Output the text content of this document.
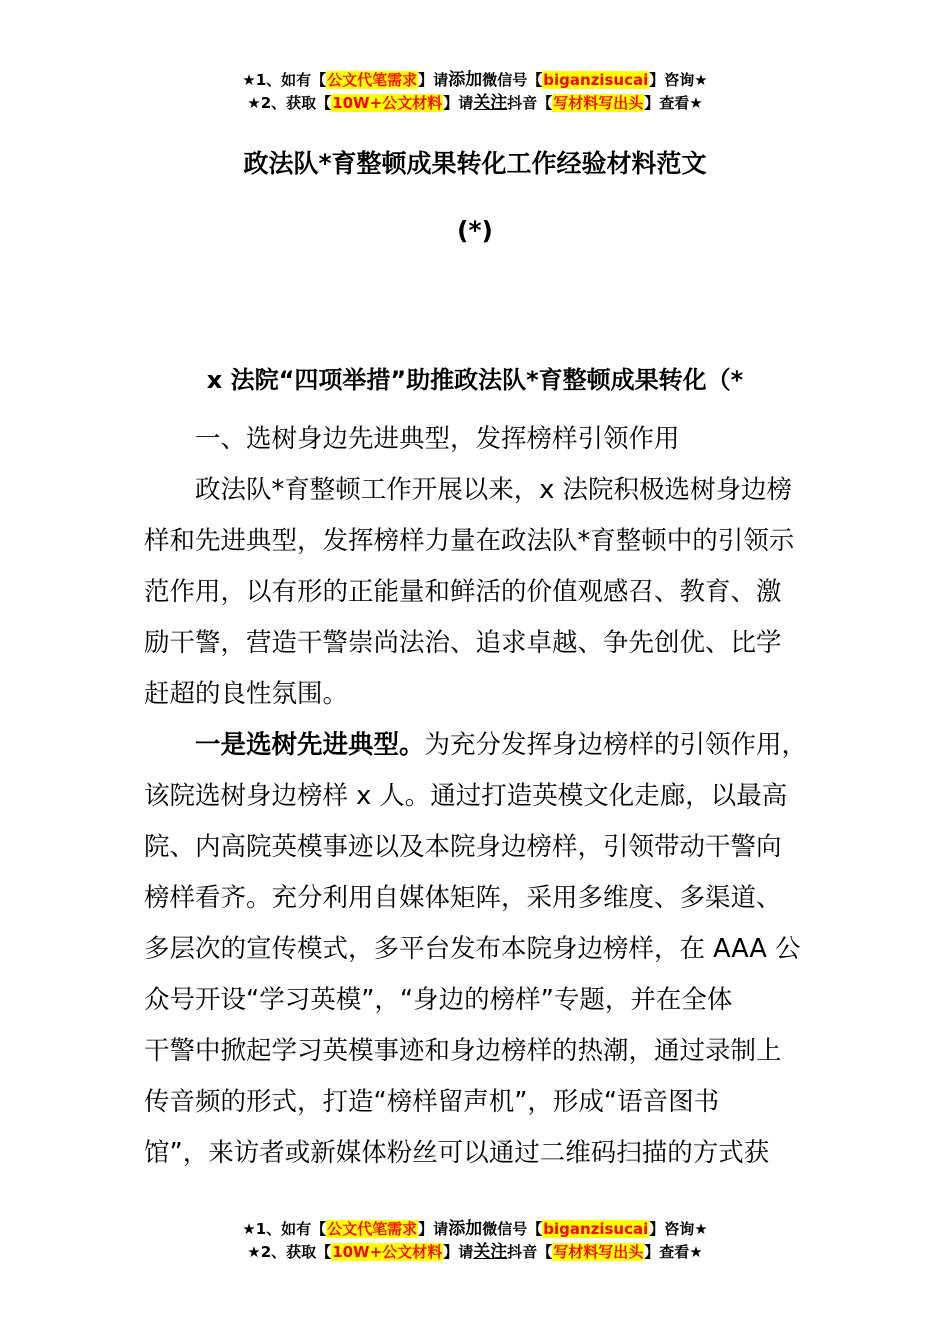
★1、如有【公文代笔需求】请添加微信号【biganzisucai】咨询★
★2、获取【10W+公文材料】请关注抖音【写材料写出头】查看★
政法队*育整顿成果转化工作经验材料范文
(*)
x 法院“四项举措”助推政法队*育整顿成果转化（*

一、选树身边先进典型，发挥榜样引领作用

政法队*育整顿工作开展以来，x 法院积极选树身边榜
样和先进典型，发挥榜样力量在政法队*育整顿中的引领示
范作用，以有形的正能量和鲜活的价值观感召、教育、激
励干警，营造干警崇尚法治、追求卓越、争先创优、比学
赶超的良性氛围。
一是选树先进典型。为充分发挥身边榜样的引领作用，
该院选树身边榜样 x 人。通过打造英模文化走廊，以最高
院、内高院英模事迹以及本院身边榜样，引领带动干警向
榜样看齐。充分利用自媒体矩阵，采用多维度、多渠道、
多层次的宣传模式，多平台发布本院身边榜样，在 AAA 公
众号开设“学习英模”，“身边的榜样”专题，并在全体
干警中掀起学习英模事迹和身边榜样的热潮，通过录制上
传音频的形式，打造“榜样留声机”，形成“语音图书
馆”，来访者或新媒体粉丝可以通过二维码扫描的方式获
★1、如有【公文代笔需求】请添加微信号【biganzisucai】咨询★
★2、获取【10W+公文材料】请关注抖音【写材料写出头】查看★
